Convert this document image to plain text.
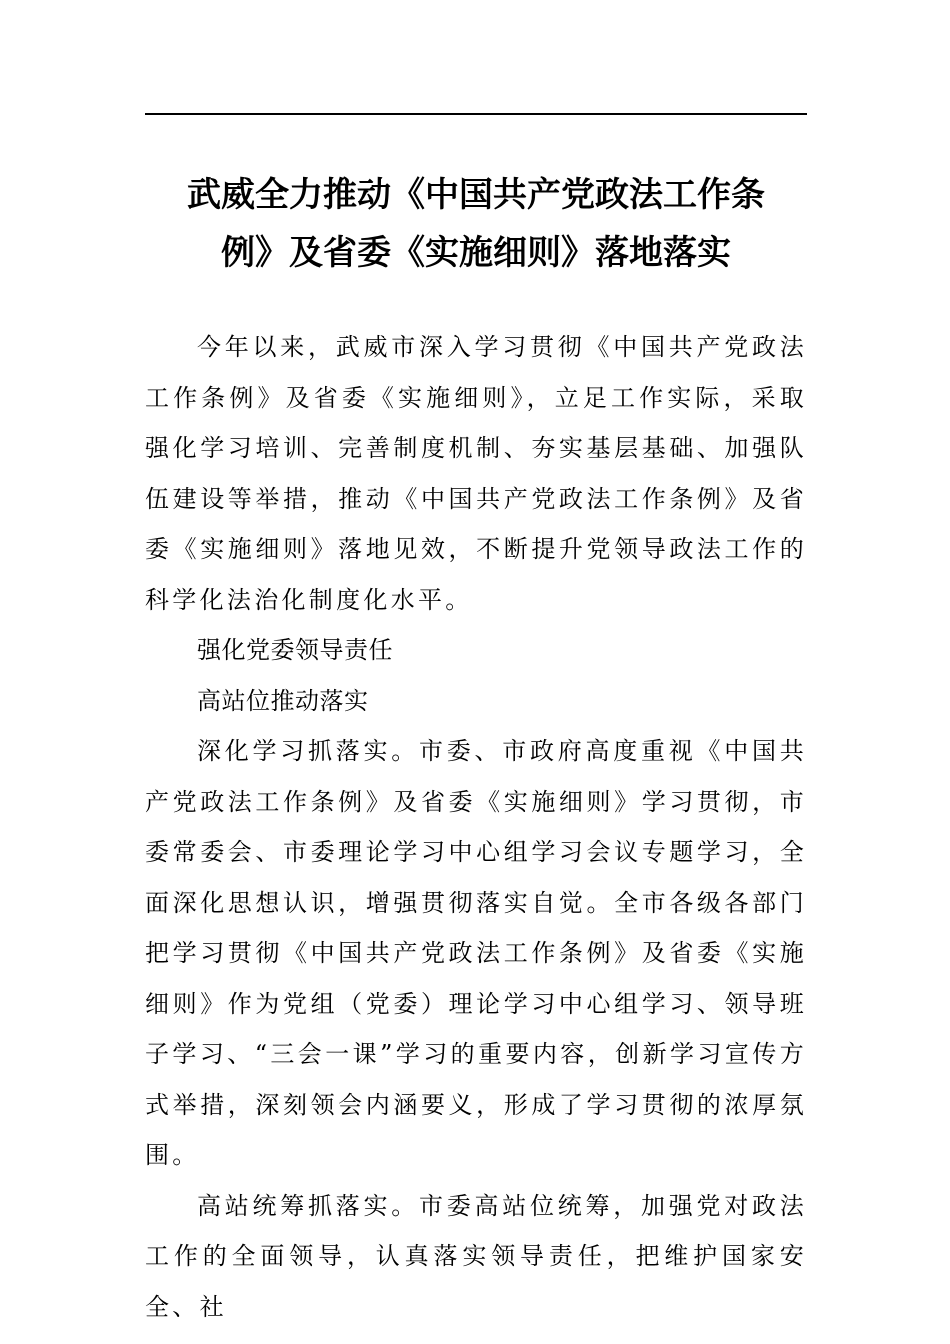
武威全力推动《中国共产党政法工作条
例》及省委《实施细则》落地落实

今年以来，武威市深入学习贯彻《中国共产党政法工作条例》及省委《实施细则》，立足工作实际，采取强化学习培训、完善制度机制、夯实基层基础、加强队伍建设等举措，推动《中国共产党政法工作条例》及省委《实施细则》落地见效，不断提升党领导政法工作的科学化法治化制度化水平。

强化党委领导责任

高站位推动落实

深化学习抓落实。市委、市政府高度重视《中国共产党政法工作条例》及省委《实施细则》学习贯彻，市委常委会、市委理论学习中心组学习会议专题学习，全面深化思想认识，增强贯彻落实自觉。全市各级各部门把学习贯彻《中国共产党政法工作条例》及省委《实施细则》作为党组（党委）理论学习中心组学习、领导班子学习、“三会一课”学习的重要内容，创新学习宣传方式举措，深刻领会内涵要义，形成了学习贯彻的浓厚氛围。

高站统筹抓落实。市委高站位统筹，加强党对政法工作的全面领导，认真落实领导责任，把维护国家安全、社
